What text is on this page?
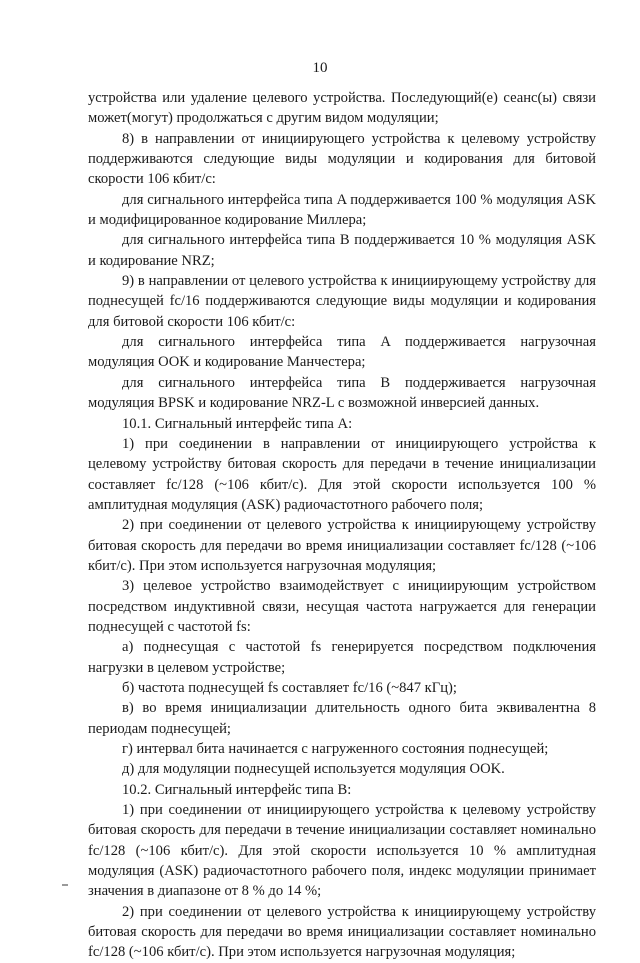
10

устройства или удаление целевого устройства. Последующий(е) сеанс(ы) связи может(могут) продолжаться с другим видом модуляции;

8) в направлении от инициирующего устройства к целевому устройству поддерживаются следующие виды модуляции и кодирования для битовой скорости 106 кбит/с:

для сигнального интерфейса типа A поддерживается 100 % модуляция ASK и модифицированное кодирование Миллера;

для сигнального интерфейса типа B поддерживается 10 % модуляция ASK и кодирование NRZ;

9) в направлении от целевого устройства к инициирующему устройству для поднесущей fc/16 поддерживаются следующие виды модуляции и кодирования для битовой скорости 106 кбит/с:

для сигнального интерфейса типа A поддерживается нагрузочная модуляция OOK и кодирование Манчестера;

для сигнального интерфейса типа B поддерживается нагрузочная модуляция BPSK и кодирование NRZ-L с возможной инверсией данных.

10.1. Сигнальный интерфейс типа A:

1) при соединении в направлении от инициирующего устройства к целевому устройству битовая скорость для передачи в течение инициализации составляет fc/128 (~106 кбит/с). Для этой скорости используется 100 % амплитудная модуляция (ASK) радиочастотного рабочего поля;

2) при соединении от целевого устройства к инициирующему устройству битовая скорость для передачи во время инициализации составляет fc/128 (~106 кбит/с). При этом используется нагрузочная модуляция;

3) целевое устройство взаимодействует с инициирующим устройством посредством индуктивной связи, несущая частота нагружается для генерации поднесущей с частотой fs:

а) поднесущая с частотой fs генерируется посредством подключения нагрузки в целевом устройстве;

б) частота поднесущей fs составляет fc/16 (~847 кГц);

в) во время инициализации длительность одного бита эквивалентна 8 периодам поднесущей;

г) интервал бита начинается с нагруженного состояния поднесущей;

д) для модуляции поднесущей используется модуляция OOK.

10.2. Сигнальный интерфейс типа B:

1) при соединении от инициирующего устройства к целевому устройству битовая скорость для передачи в течение инициализации составляет номинально fc/128 (~106 кбит/с). Для этой скорости используется 10 % амплитудная модуляция (ASK) радиочастотного рабочего поля, индекс модуляции принимает значения в диапазоне от 8 % до 14 %;

2) при соединении от целевого устройства к инициирующему устройству битовая скорость для передачи во время инициализации составляет номинально fc/128 (~106 кбит/с). При этом используется нагрузочная модуляция;
